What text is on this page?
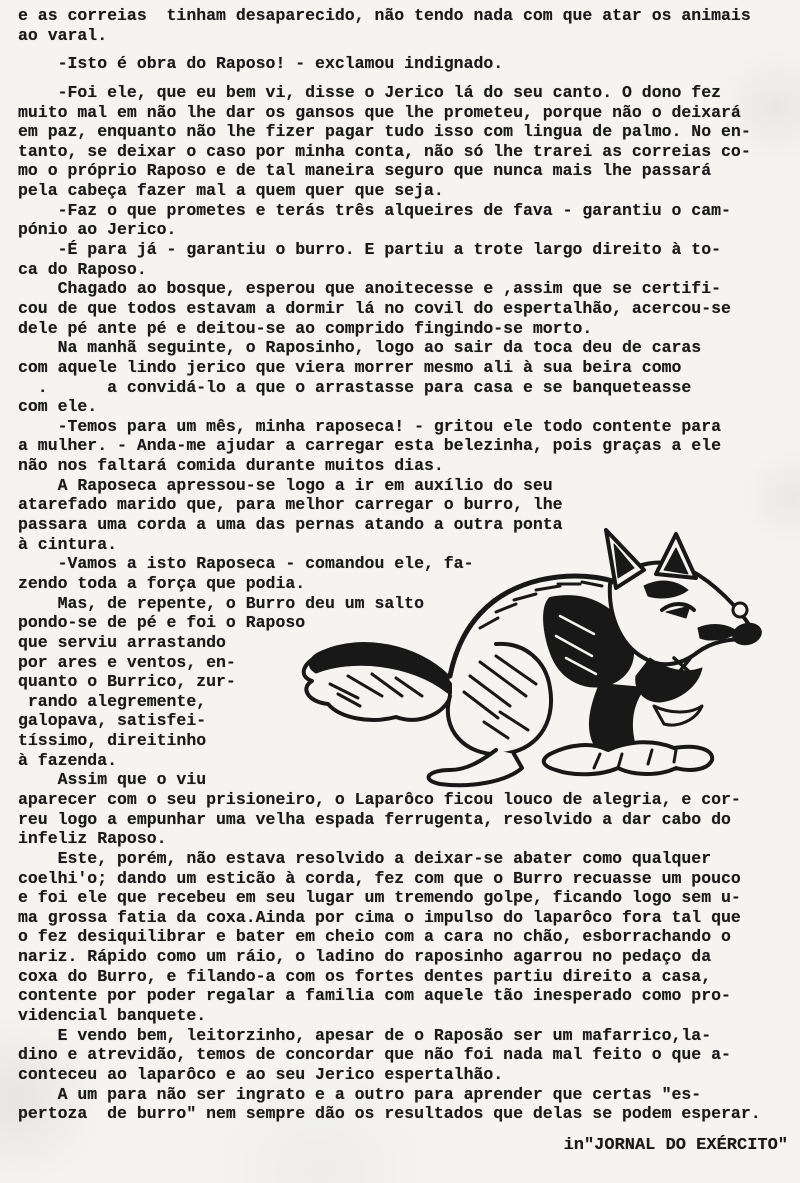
e as correias  tinham desaparecido, não tendo nada com que atar os animais
ao varal.
-Isto é obra do Raposo! - exclamou indignado.
-Foi ele, que eu bem vi, disse o Jerico lá do seu canto. O dono fez
muito mal em não lhe dar os gansos que lhe prometeu, porque não o deixará
em paz, enquanto não lhe fizer pagar tudo isso com lingua de palmo. No en-
tanto, se deixar o caso por minha conta, não só lhe trarei as correias co-
mo o próprio Raposo e de tal maneira seguro que nunca mais lhe passará
pela cabeça fazer mal a quem quer que seja.
-Faz o que prometes e terás três alqueires de fava - garantiu o cam-
pónio ao Jerico.
-É para já - garantiu o burro. E partiu a trote largo direito à to-
ca do Raposo.
Chagado ao bosque, esperou que anoitecesse e ,assim que se certifi-
cou de que todos estavam a dormir lá no covil do espertalhão, acercou-se
dele pé ante pé e deitou-se ao comprido fingindo-se morto.
Na manhã seguinte, o Raposinho, logo ao sair da toca deu de caras
com aquele lindo jerico que viera morrer mesmo ali à sua beira como
.      a convidá-lo a que o arrastasse para casa e se banqueteasse
com ele.
-Temos para um mês, minha raposeca! - gritou ele todo contente para
a mulher. - Anda-me ajudar a carregar esta belezinha, pois graças a ele
não nos faltará comida durante muitos dias.
A Raposeca apressou-se logo a ir em auxílio do seu
atarefado marido que, para melhor carregar o burro, lhe
passara uma corda a uma das pernas atando a outra ponta
à cintura.
-Vamos a isto Raposeca - comandou ele, fa-
zendo toda a força que podia.
Mas, de repente, o Burro deu um salto
pondo-se de pé e foi o Raposo
que serviu arrastando
por ares e ventos, en-
quanto o Burrico, zur-
rando alegremente,
galopava, satisfei-
tíssimo, direitinho
à fazenda.
Assim que o viu
aparecer com o seu prisioneiro, o Laparôco ficou louco de alegria, e cor-
reu logo a empunhar uma velha espada ferrugenta, resolvido a dar cabo do
infeliz Raposo.
Este, porém, não estava resolvido a deixar-se abater como qualquer
coelhi'o; dando um esticão à corda, fez com que o Burro recuasse um pouco
e foi ele que recebeu em seu lugar um tremendo golpe, ficando logo sem u-
ma grossa fatia da coxa.Ainda por cima o impulso do laparôco fora tal que
o fez desiquilibrar e bater em cheio com a cara no chão, esborrachando o
nariz. Rápido como um ráio, o ladino do raposinho agarrou no pedaço da
coxa do Burro, e filando-a com os fortes dentes partiu direito a casa,
contente por poder regalar a familia com aquele tão inesperado como pro-
videncial banquete.
E vendo bem, leitorzinho, apesar de o Raposão ser um mafarrico,la-
dino e atrevidão, temos de concordar que não foi nada mal feito o que a-
conteceu ao laparôco e ao seu Jerico espertalhão.
A um para não ser ingrato e a outro para aprender que certas "es-
pertoza  de burro" nem sempre dão os resultados que delas se podem esperar.
in"JORNAL DO EXÉRCITO"
